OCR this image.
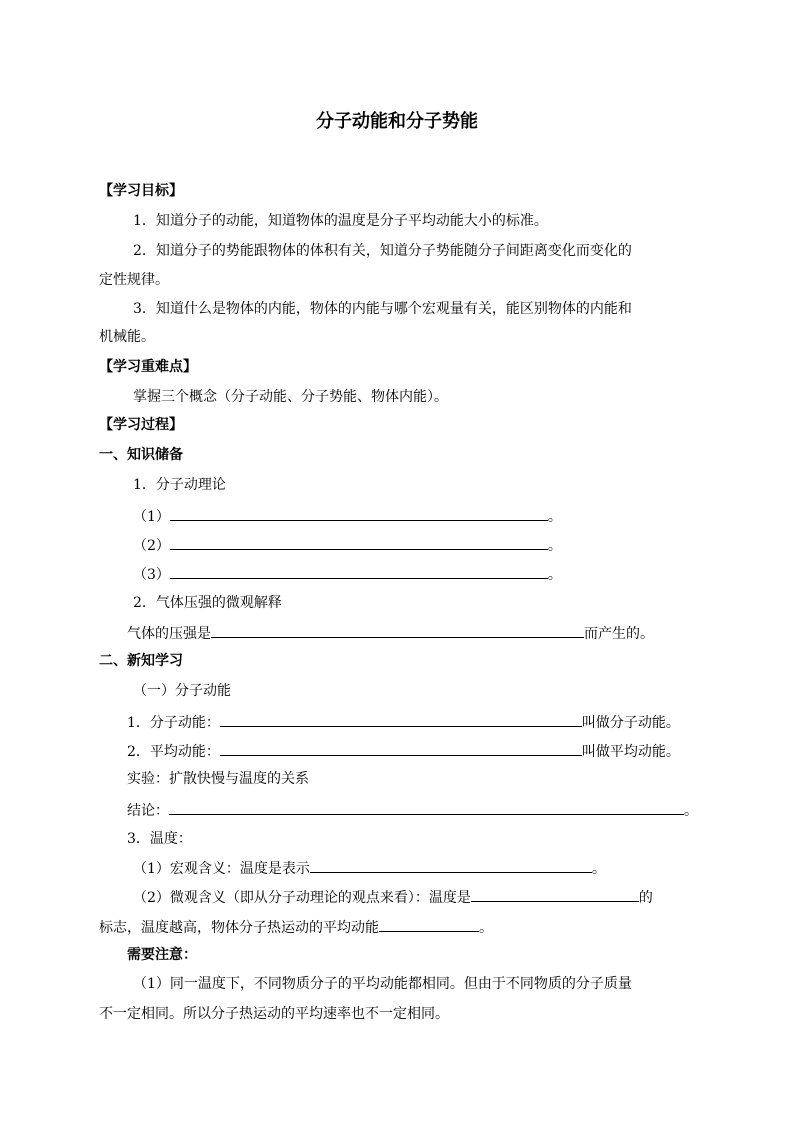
分子动能和分子势能
【学习目标】
1．知道分子的动能，知道物体的温度是分子平均动能大小的标准。
2．知道分子的势能跟物体的体积有关，知道分子势能随分子间距离变化而变化的
定性规律。
3．知道什么是物体的内能，物体的内能与哪个宏观量有关，能区别物体的内能和
机械能。
【学习重难点】
掌握三个概念（分子动能、分子势能、物体内能）。
【学习过程】
一、知识储备
1．分子动理论
（1）	。
（2）	。
（3）	。
2．气体压强的微观解释
气体的压强是	而产生的。
二、新知学习
（一）分子动能
1．分子动能：	叫做分子动能。
2．平均动能：	叫做平均动能。
实验：扩散快慢与温度的关系
结论：	。
3．温度：
（1）宏观含义：温度是表示	。
（2）微观含义（即从分子动理论的观点来看）：温度是	的
标志，温度越高，物体分子热运动的平均动能	。
需要注意：
（1）同一温度下，不同物质分子的平均动能都相同。但由于不同物质的分子质量
不一定相同。所以分子热运动的平均速率也不一定相同。
